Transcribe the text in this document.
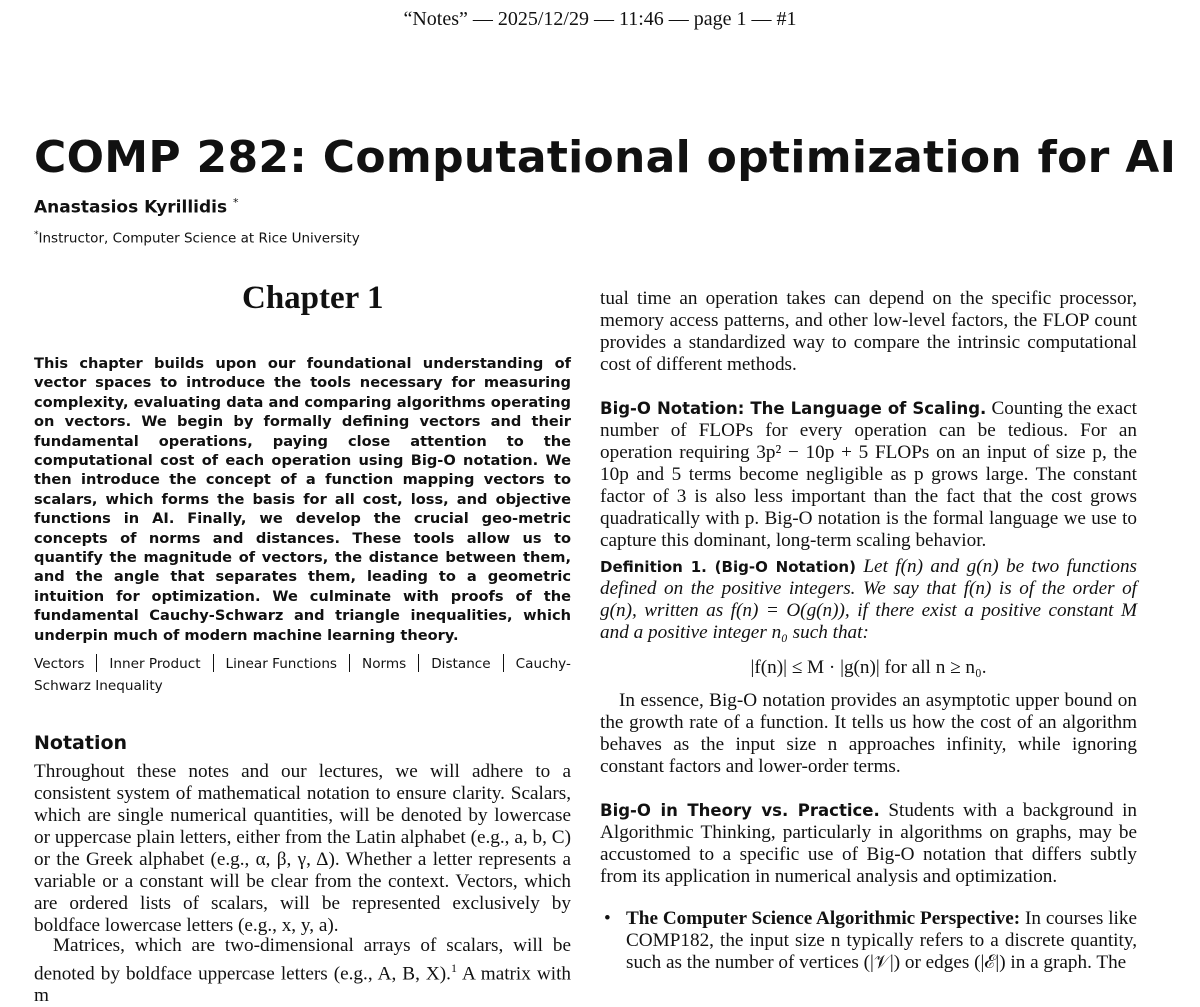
“Notes” — 2025/12/29 — 11:46 — page 1 — #1
COMP 282: Computational optimization for AI
Anastasios Kyrillidis *
*Instructor, Computer Science at Rice University
Chapter 1
This chapter builds upon our foundational understanding of vector spaces to introduce the tools necessary for measuring complexity, evaluating data and comparing algorithms operating on vectors. We begin by formally defining vectors and their fundamental operations, paying close attention to the computational cost of each operation using Big-O notation. We then introduce the concept of a function mapping vectors to scalars, which forms the basis for all cost, loss, and objective functions in AI. Finally, we develop the crucial geo-metric concepts of norms and distances. These tools allow us to quantify the magnitude of vectors, the distance between them, and the angle that separates them, leading to a geometric intuition for optimization. We culminate with proofs of the fundamental Cauchy-Schwarz and triangle inequalities, which underpin much of modern machine learning theory.
Vectors Inner Product Linear Functions Norms Distance Cauchy-Schwarz Inequality
Notation
Throughout these notes and our lectures, we will adhere to a consistent system of mathematical notation to ensure clarity. Scalars, which are single numerical quantities, will be denoted by lowercase or uppercase plain letters, either from the Latin alphabet (e.g., a, b, C) or the Greek alphabet (e.g., α, β, γ, Δ). Whether a letter represents a variable or a constant will be clear from the context. Vectors, which are ordered lists of scalars, will be represented exclusively by boldface lowercase letters (e.g., x, y, a).
Matrices, which are two-dimensional arrays of scalars, will be denoted by boldface uppercase letters (e.g., A, B, X).$^1$ A matrix with m

tual time an operation takes can depend on the specific processor, memory access patterns, and other low-level factors, the FLOP count provides a standardized way to compare the intrinsic computational cost of different methods.

Big-O Notation: The Language of Scaling. Counting the exact number of FLOPs for every operation can be tedious. For an operation requiring 3p² − 10p + 5 FLOPs on an input of size p, the 10p and 5 terms become negligible as p grows large. The constant factor of 3 is also less important than the fact that the cost grows quadratically with p. Big-O notation is the formal language we use to capture this dominant, long-term scaling behavior.

Definition 1. (Big-O Notation) Let f(n) and g(n) be two functions defined on the positive integers. We say that f(n) is of the order of g(n), written as f(n) = O(g(n)), if there exist a positive constant M and a positive integer n₀ such that:

|f(n)| ≤ M · |g(n)| for all n ≥ n₀.

In essence, Big-O notation provides an asymptotic upper bound on the growth rate of a function. It tells us how the cost of an algorithm behaves as the input size n approaches infinity, while ignoring constant factors and lower-order terms.

Big-O in Theory vs. Practice. Students with a background in Algorithmic Thinking, particularly in algorithms on graphs, may be accustomed to a specific use of Big-O notation that differs subtly from its application in numerical analysis and optimization.

• The Computer Science Algorithmic Perspective: In courses like COMP182, the input size n typically refers to a discrete quantity, such as the number of vertices (|𝒱|) or edges (|ℰ|) in a graph. The
